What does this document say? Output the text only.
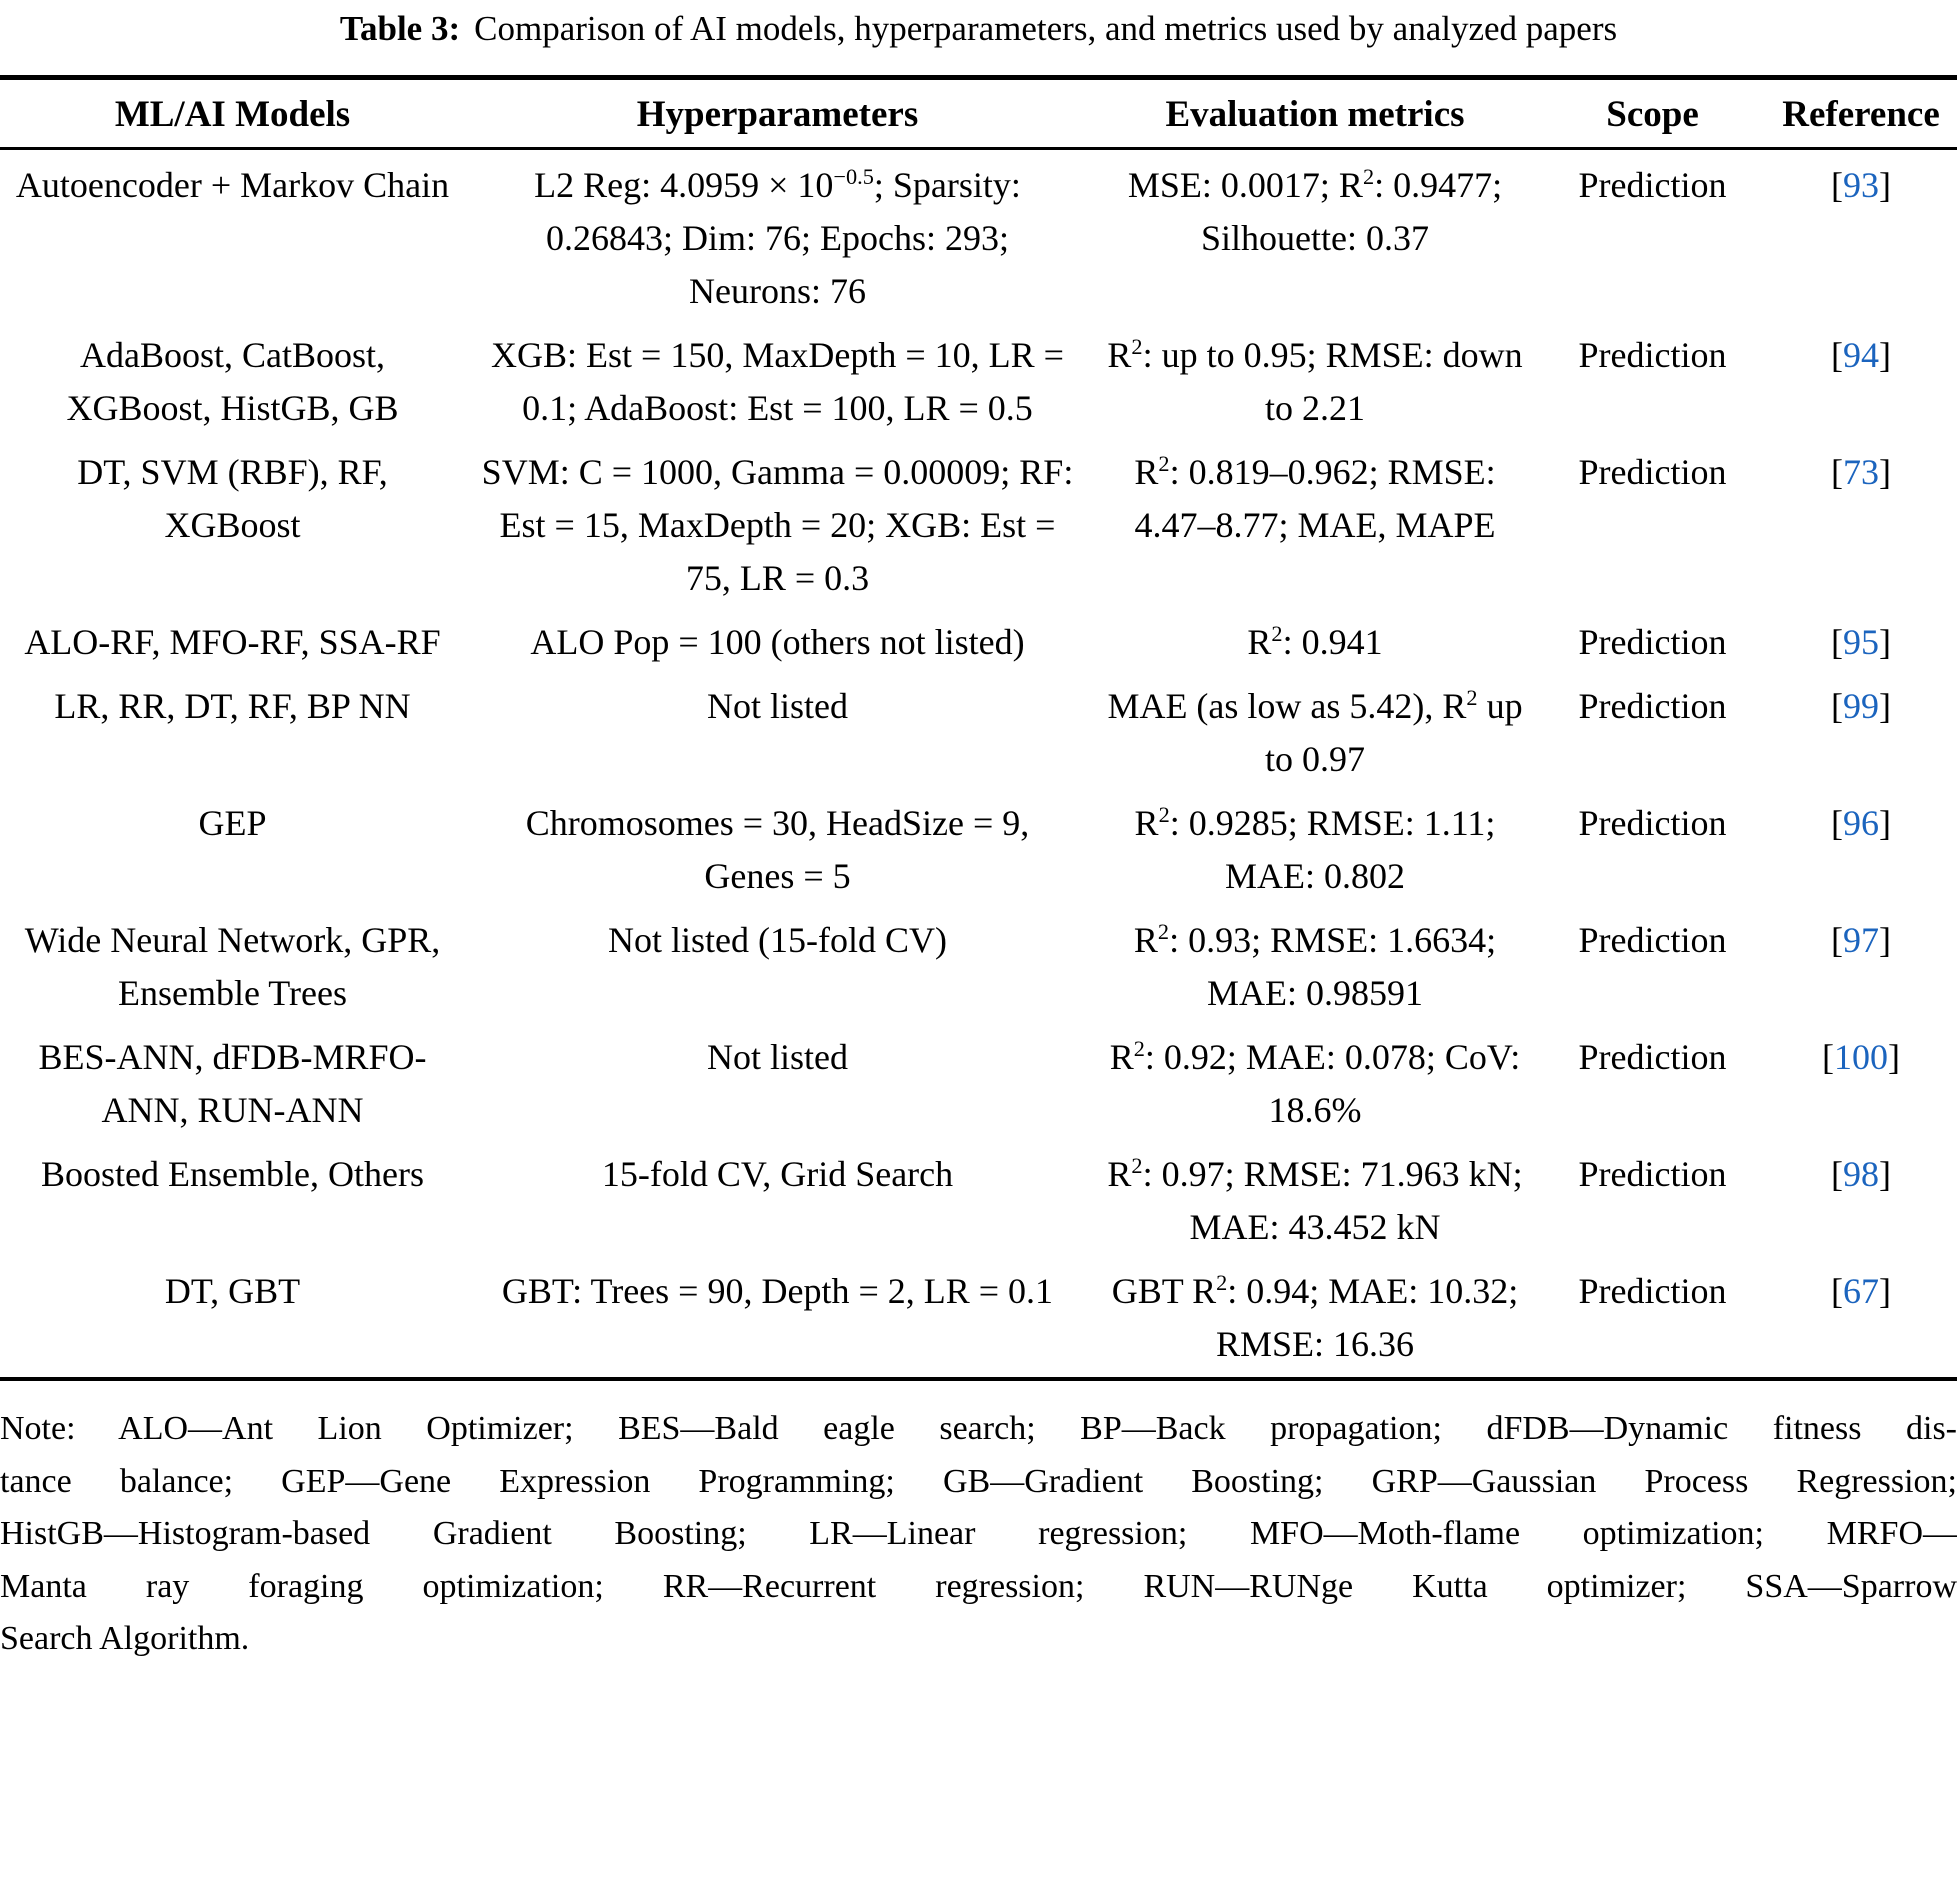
Table 3: Comparison of AI models, hyperparameters, and metrics used by analyzed papers
ML/AI Models	Hyperparameters	Evaluation metrics	Scope	Reference
Autoencoder + Markov Chain	L2 Reg: $4.0959 \times 10^{-0.5}$; Sparsity: 0.26843; Dim: 76; Epochs: 293; Neurons: 76	MSE: 0.0017; $R^2$: 0.9477; Silhouette: 0.37	Prediction	[93]
AdaBoost, CatBoost, XGBoost, HistGB, GB	XGB: Est = 150, MaxDepth = 10, LR = 0.1; AdaBoost: Est = 100, LR = 0.5	$R^2$: up to 0.95; RMSE: down to 2.21	Prediction	[94]
DT, SVM (RBF), RF, XGBoost	SVM: C = 1000, Gamma = 0.00009; RF: Est = 15, MaxDepth = 20; XGB: Est = 75, LR = 0.3	$R^2$: 0.819–0.962; RMSE: 4.47–8.77; MAE, MAPE	Prediction	[73]
ALO-RF, MFO-RF, SSA-RF	ALO Pop = 100 (others not listed)	$R^2$: 0.941	Prediction	[95]
LR, RR, DT, RF, BP NN	Not listed	MAE (as low as 5.42), $R^2$ up to 0.97	Prediction	[99]
GEP	Chromosomes = 30, HeadSize = 9, Genes = 5	$R^2$: 0.9285; RMSE: 1.11; MAE: 0.802	Prediction	[96]
Wide Neural Network, GPR, Ensemble Trees	Not listed (15-fold CV)	$R^2$: 0.93; RMSE: 1.6634; MAE: 0.98591	Prediction	[97]
BES-ANN, dFDB-MRFO-ANN, RUN-ANN	Not listed	$R^2$: 0.92; MAE: 0.078; CoV: 18.6%	Prediction	[100]
Boosted Ensemble, Others	15-fold CV, Grid Search	$R^2$: 0.97; RMSE: 71.963 kN; MAE: 43.452 kN	Prediction	[98]
DT, GBT	GBT: Trees = 90, Depth = 2, LR = 0.1	GBT $R^2$: 0.94; MAE: 10.32; RMSE: 16.36	Prediction	[67]
Note: ALO—Ant Lion Optimizer; BES—Bald eagle search; BP—Back propagation; dFDB—Dynamic fitness dis-
tance balance; GEP—Gene Expression Programming; GB—Gradient Boosting; GRP—Gaussian Process Regression;
HistGB—Histogram-based Gradient Boosting; LR—Linear regression; MFO—Moth-flame optimization; MRFO—
Manta ray foraging optimization; RR—Recurrent regression; RUN—RUNge Kutta optimizer; SSA—Sparrow
Search Algorithm.
